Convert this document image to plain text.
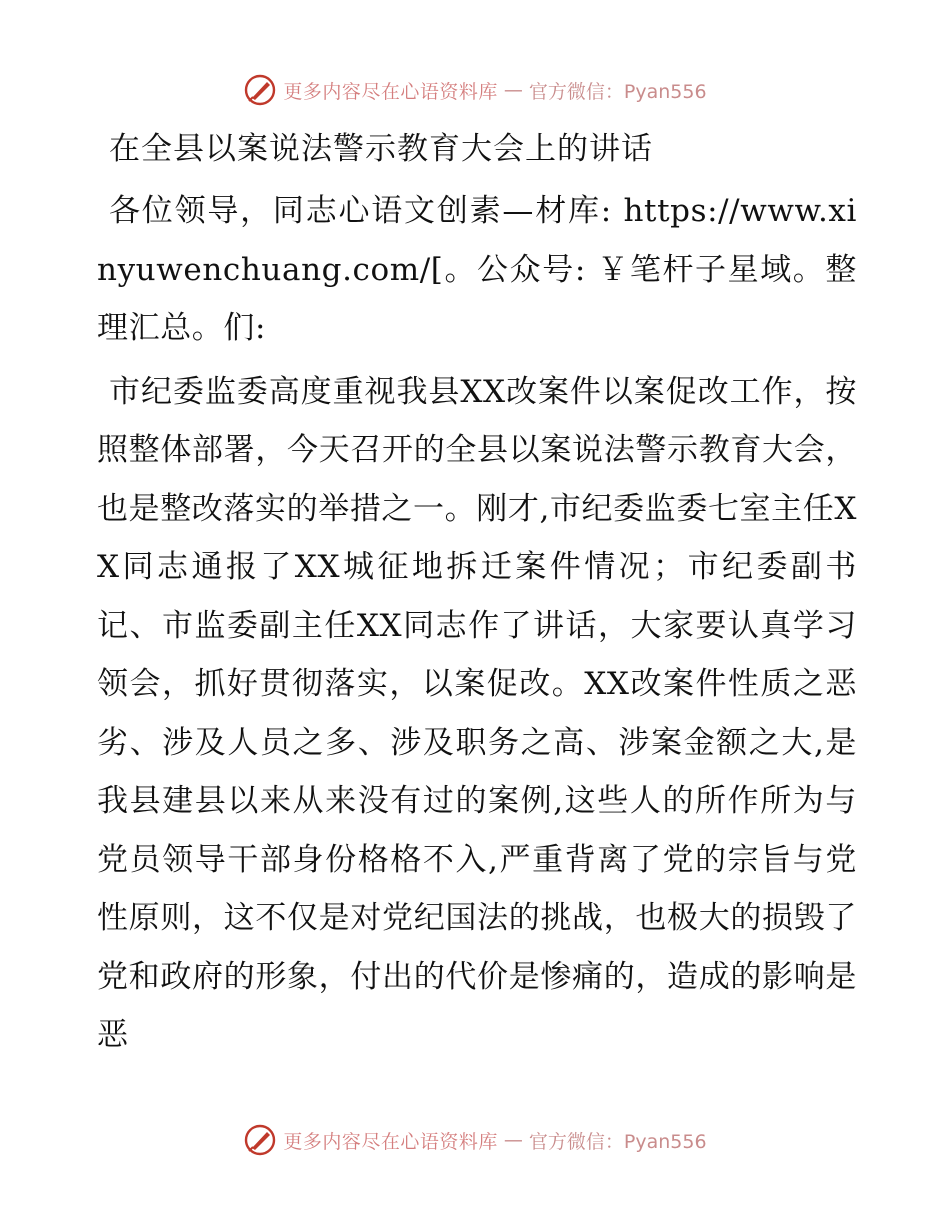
更多内容尽在心语资料库 — 官方微信：Pyan556
在全县以案说法警示教育大会上的讲话

各位领导，同志心语文创素—材库: https://www.xinyuwenchuang.com/[。公众号: ￥笔杆子星域。整理汇总。们:

市纪委监委高度重视我县XX改案件以案促改工作，按照整体部署，今天召开的全县以案说法警示教育大会，也是整改落实的举措之一。刚才,市纪委监委七室主任XX同志通报了XX城征地拆迁案件情况；市纪委副书记、市监委副主任XX同志作了讲话，大家要认真学习领会，抓好贯彻落实，以案促改。XX改案件性质之恶劣、涉及人员之多、涉及职务之高、涉案金额之大,是我县建县以来从来没有过的案例,这些人的所作所为与党员领导干部身份格格不入,严重背离了党的宗旨与党性原则，这不仅是对党纪国法的挑战，也极大的损毁了党和政府的形象，付出的代价是惨痛的，造成的影响是恶

更多内容尽在心语资料库 — 官方微信：Pyan556
